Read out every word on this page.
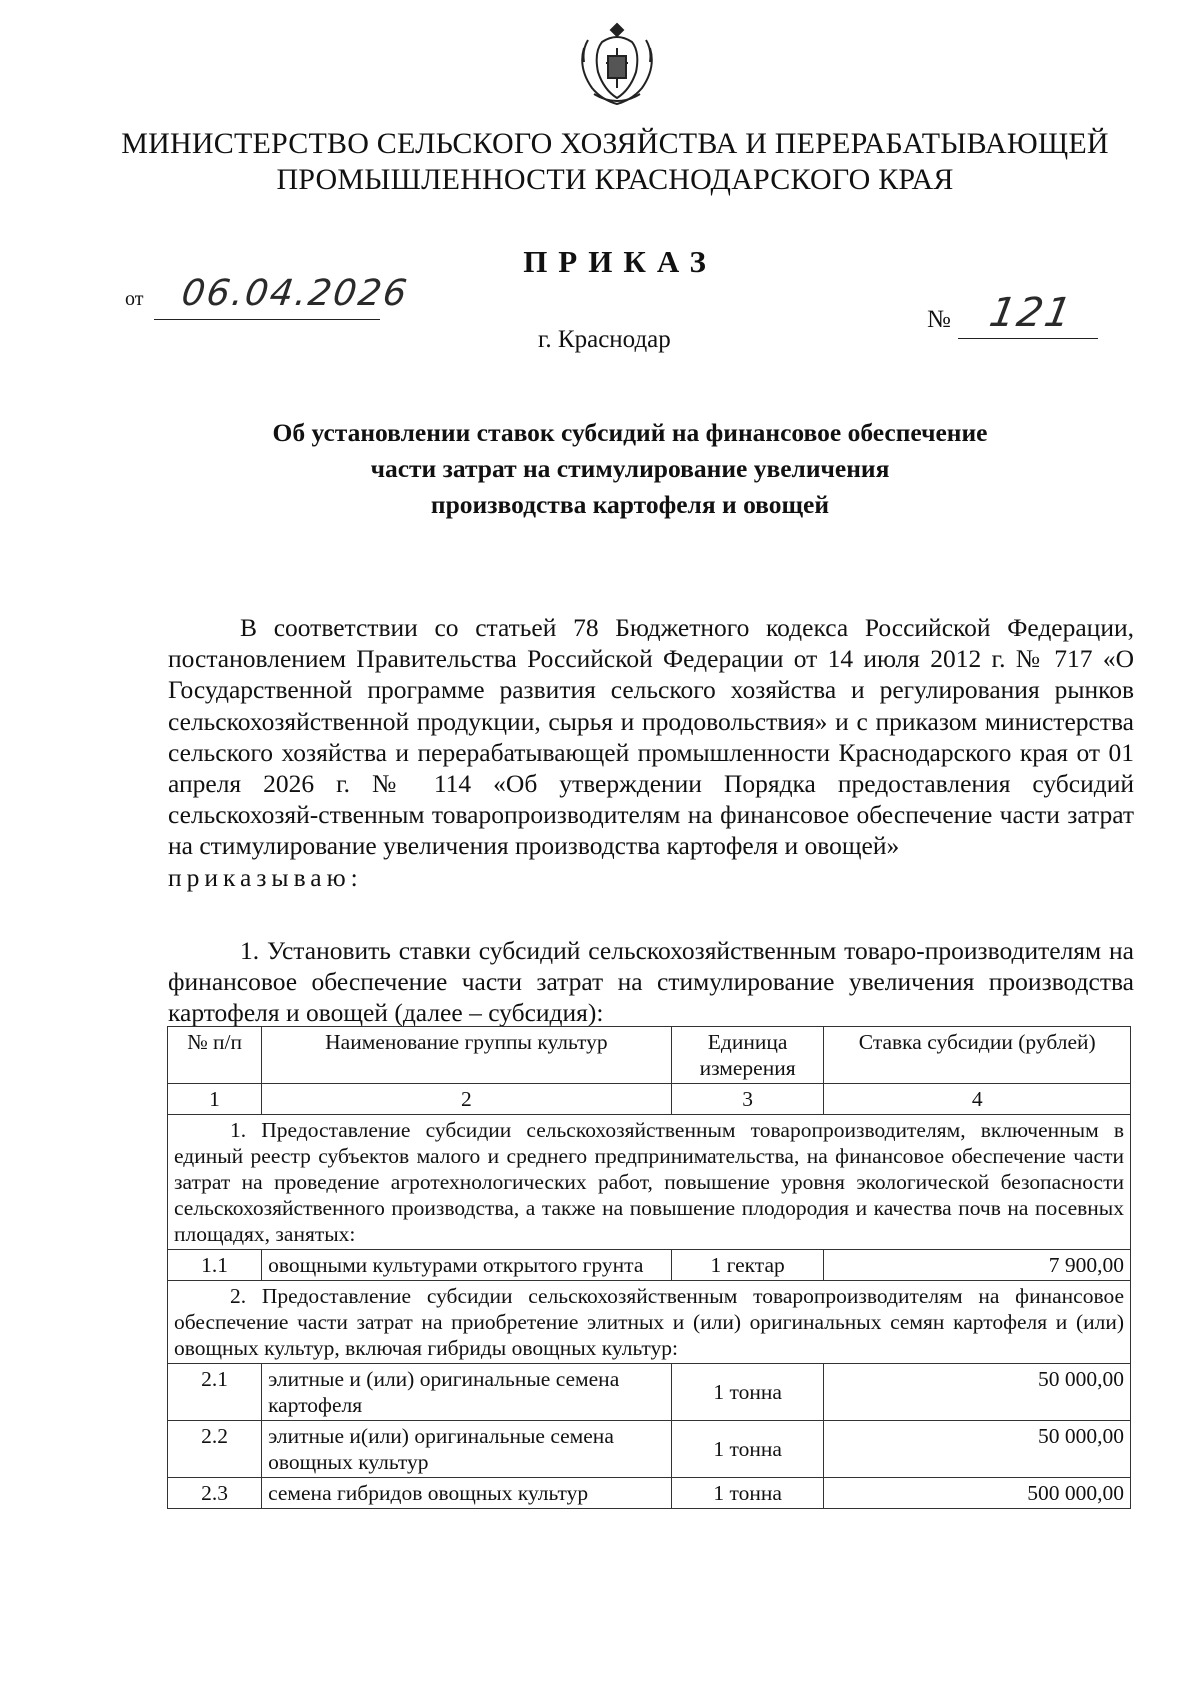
МИНИСТЕРСТВО СЕЛЬСКОГО ХОЗЯЙСТВА И ПЕРЕРАБАТЫВАЮЩЕЙ
ПРОМЫШЛЕННОСТИ КРАСНОДАРСКОГО КРАЯ
ПРИКАЗ
от 06.04.2026
г. Краснодар
№ 121
Об установлении ставок субсидий на финансовое обеспечение
части затрат на стимулирование увеличения
производства картофеля и овощей

В соответствии со статьей 78 Бюджетного кодекса Российской Федерации, постановлением Правительства Российской Федерации от 14 июля 2012 г. № 717 «О Государственной программе развития сельского хозяйства и регулирования рынков сельскохозяйственной продукции, сырья и продовольствия» и с приказом министерства сельского хозяйства и перерабатывающей промышленности Краснодарского края от 01 апреля 2026 г. № 114 «Об утверждении Порядка предоставления субсидий сельскохозяй-ственным товаропроизводителям на финансовое обеспечение части затрат на стимулирование увеличения производства картофеля и овощей»
приказываю:

1. Установить ставки субсидий сельскохозяйственным товаро-производителям на финансовое обеспечение части затрат на стимулирование увеличения производства картофеля и овощей (далее – субсидия):

№ п/п	Наименование группы культур	Единица измерения	Ставка субсидии (рублей)
1	2	3	4
1. Предоставление субсидии сельскохозяйственным товаропроизводителям, включенным в единый реестр субъектов малого и среднего предпринимательства, на финансовое обеспечение части затрат на проведение агротехнологических работ, повышение уровня экологической безопасности сельскохозяйственного производства, а также на повышение плодородия и качества почв на посевных площадях, занятых:			
1.1	овощными культурами открытого грунта	1 гектар	7 900,00
2. Предоставление субсидии сельскохозяйственным товаропроизводителям на финансовое обеспечение части затрат на приобретение элитных и (или) оригинальных семян картофеля и (или) овощных культур, включая гибриды овощных культур:			
2.1	элитные и (или) оригинальные семена картофеля	1 тонна	50 000,00
2.2	элитные и(или) оригинальные семена овощных культур	1 тонна	50 000,00
2.3	семена гибридов овощных культур	1 тонна	500 000,00
